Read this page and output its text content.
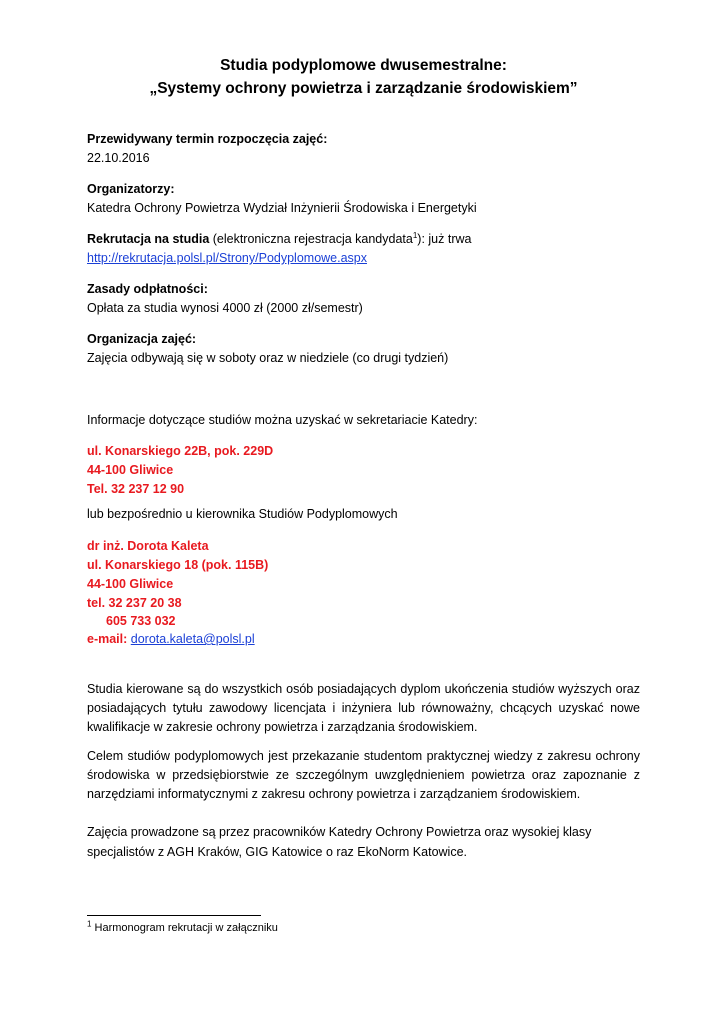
Studia podyplomowe dwusemestralne:
„Systemy ochrony powietrza i zarządzanie środowiskiem”
Przewidywany termin rozpoczęcia zajęć:
22.10.2016
Organizatorzy:
Katedra Ochrony Powietrza Wydział Inżynierii Środowiska i Energetyki
Rekrutacja na studia (elektroniczna rejestracja kandydata$^1$): już trwa
http://rekrutacja.polsl.pl/Strony/Podyplomowe.aspx
Zasady odpłatności:
Opłata za studia wynosi 4000 zł (2000 zł/semestr)
Organizacja zajęć:
Zajęcia odbywają się w soboty oraz w niedziele (co drugi tydzień)
Informacje dotyczące studiów można uzyskać w sekretariacie Katedry:
ul. Konarskiego 22B, pok. 229D
44-100 Gliwice
Tel. 32 237 12 90
lub bezpośrednio u kierownika Studiów Podyplomowych
dr inż. Dorota Kaleta
ul. Konarskiego 18 (pok. 115B)
44-100 Gliwice
tel. 32 237 20 38
605 733 032
e-mail: dorota.kaleta@polsl.pl
Studia kierowane są do wszystkich osób posiadających dyplom ukończenia studiów wyższych oraz posiadających tytułu zawodowy licencjata i inżyniera lub równoważny, chcących uzyskać nowe kwalifikacje w zakresie ochrony powietrza i zarządzania środowiskiem.
Celem studiów podyplomowych jest przekazanie studentom praktycznej wiedzy z zakresu ochrony środowiska w przedsiębiorstwie ze szczególnym uwzględnieniem powietrza oraz zapoznanie z narzędziami informatycznymi z zakresu ochrony powietrza i zarządzaniem środowiskiem.
Zajęcia prowadzone są przez pracowników Katedry Ochrony Powietrza oraz wysokiej klasy
specjalistów z AGH Kraków, GIG Katowice o raz EkoNorm Katowice.
$^1$ Harmonogram rekrutacji w załączniku
